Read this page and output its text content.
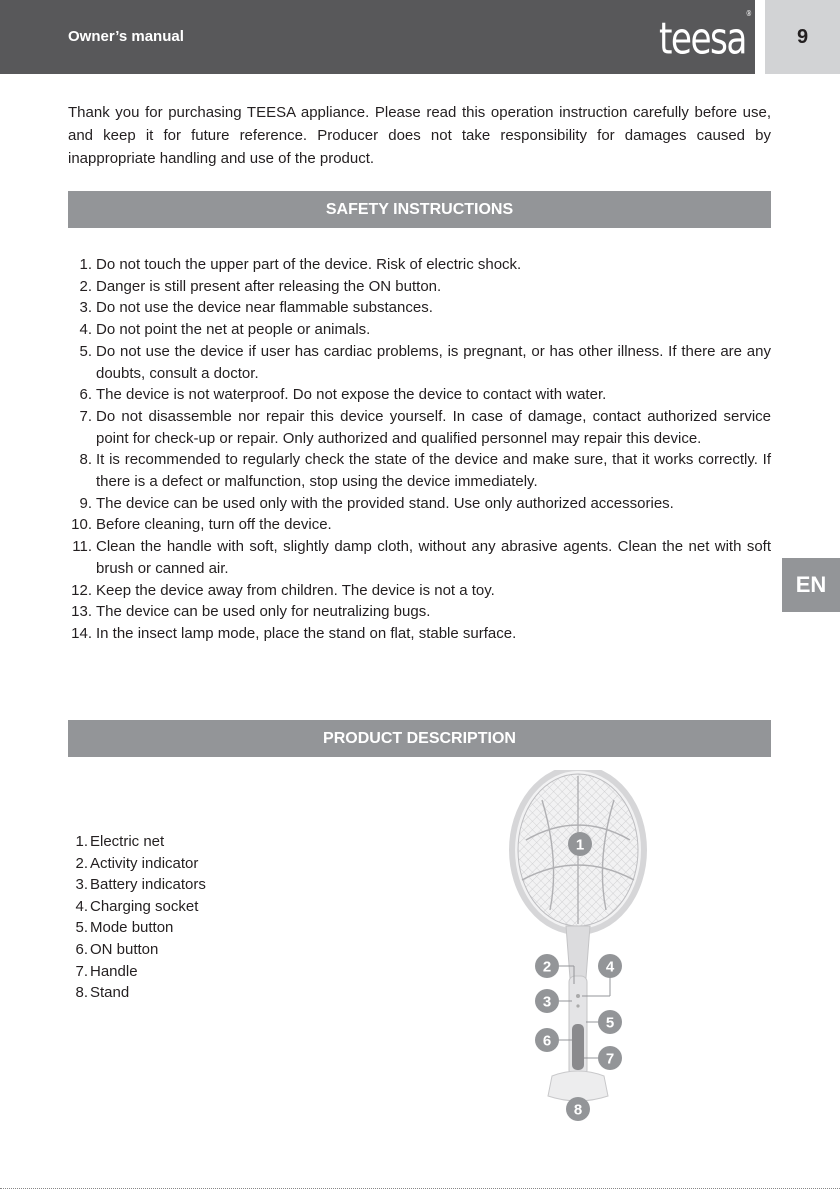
Owner’s manual	teesa®
9
EN

Thank you for purchasing TEESA appliance. Please read this operation instruction carefully before use, and keep it for future reference. Producer does not take responsibility for damages caused by inappropriate handling and use of the product.

SAFETY INSTRUCTIONS
1. Do not touch the upper part of the device. Risk of electric shock.
2. Danger is still present after releasing the ON button.
3. Do not use the device near flammable substances.
4. Do not point the net at people or animals.
5. Do not use the device if user has cardiac problems, is pregnant, or has other illness. If there are any doubts, consult a doctor.
6. The device is not waterproof. Do not expose the device to contact with water.
7. Do not disassemble nor repair this device yourself. In case of damage, contact authorized service point for check-up or repair. Only authorized and qualified personnel may repair this device.
8. It is recommended to regularly check the state of the device and make sure, that it works correctly. If there is a defect or malfunction, stop using the device immediately.
9. The device can be used only with the provided stand. Use only authorized accessories.
10. Before cleaning, turn off the device.
11. Clean the handle with soft, slightly damp cloth, without any abrasive agents. Clean the net with soft brush or canned air.
12. Keep the device away from children. The device is not a toy.
13. The device can be used only for neutralizing bugs.
14. In the insect lamp mode, place the stand on flat, stable surface.
PRODUCT DESCRIPTION
1. Electric net
2. Activity indicator
3. Battery indicators
4. Charging socket
5. Mode button
6. ON button
7. Handle
8. Stand
1
2
3
4
5
6
7
8
